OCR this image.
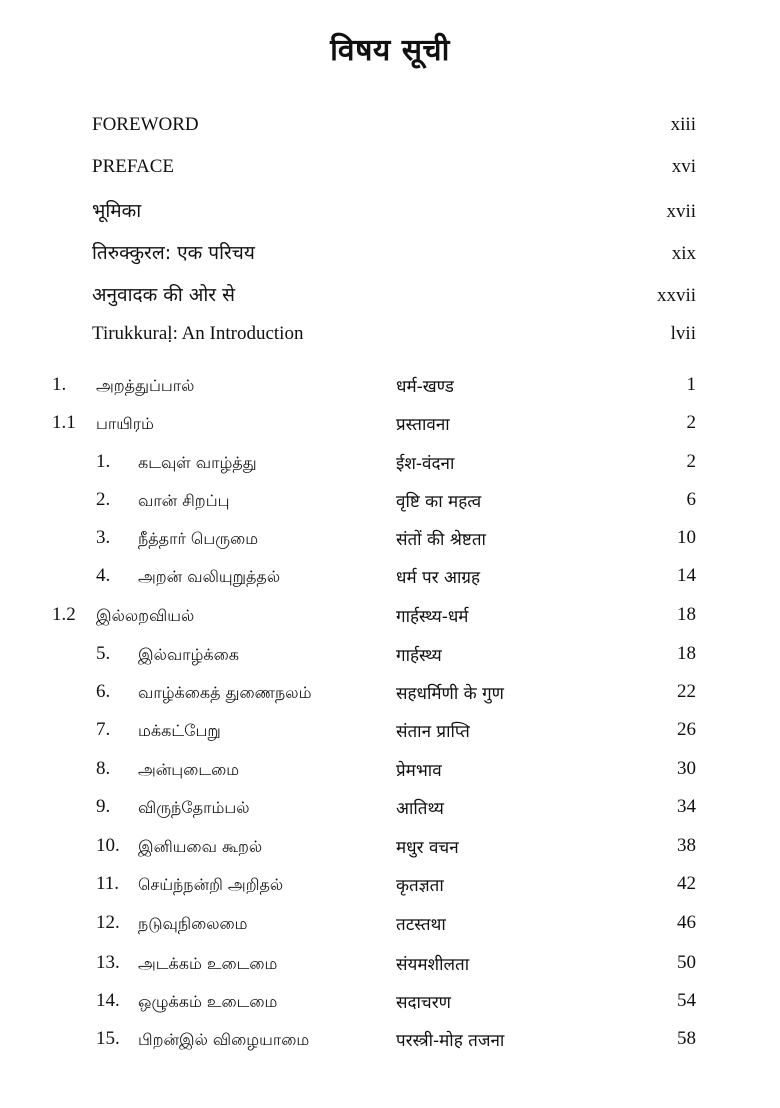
विषय सूची
FOREWORD	xiii
PREFACE	xvi
भूमिका	xvii
तिरुक्कुरल: एक परिचय	xix
अनुवादक की ओर से	xxvii
Tirukkuraḷ: An Introduction	lvii
1. அறத்துப்பால்	धर्म-खण्ड	1
1.1 பாயிரம்	प्रस्तावना	2
1. கடவுள் வாழ்த்து	ईश-वंदना	2
2. வான் சிறப்பு	वृष्टि का महत्व	6
3. நீத்தார் பெருமை	संतों की श्रेष्टता	10
4. அறன் வலியுறுத்தல்	धर्म पर आग्रह	14
1.2 இல்லறவியல்	गार्हस्थ्य-धर्म	18
5. இல்வாழ்க்கை	गार्हस्थ्य	18
6. வாழ்க்கைத் துணைநலம்	सहधर्मिणी के गुण	22
7. மக்கட்பேறு	संतान प्राप्ति	26
8. அன்புடைமை	प्रेमभाव	30
9. விருந்தோம்பல்	आतिथ्य	34
10. இனியவை கூறல்	मधुर वचन	38
11. செய்ந்நன்றி அறிதல்	कृतज्ञता	42
12. நடுவுநிலைமை	तटस्तथा	46
13. அடக்கம் உடைமை	संयमशीलता	50
14. ஒழுக்கம் உடைமை	सदाचरण	54
15. பிறன்இல் விழையாமை	परस्त्री-मोह तजना	58
